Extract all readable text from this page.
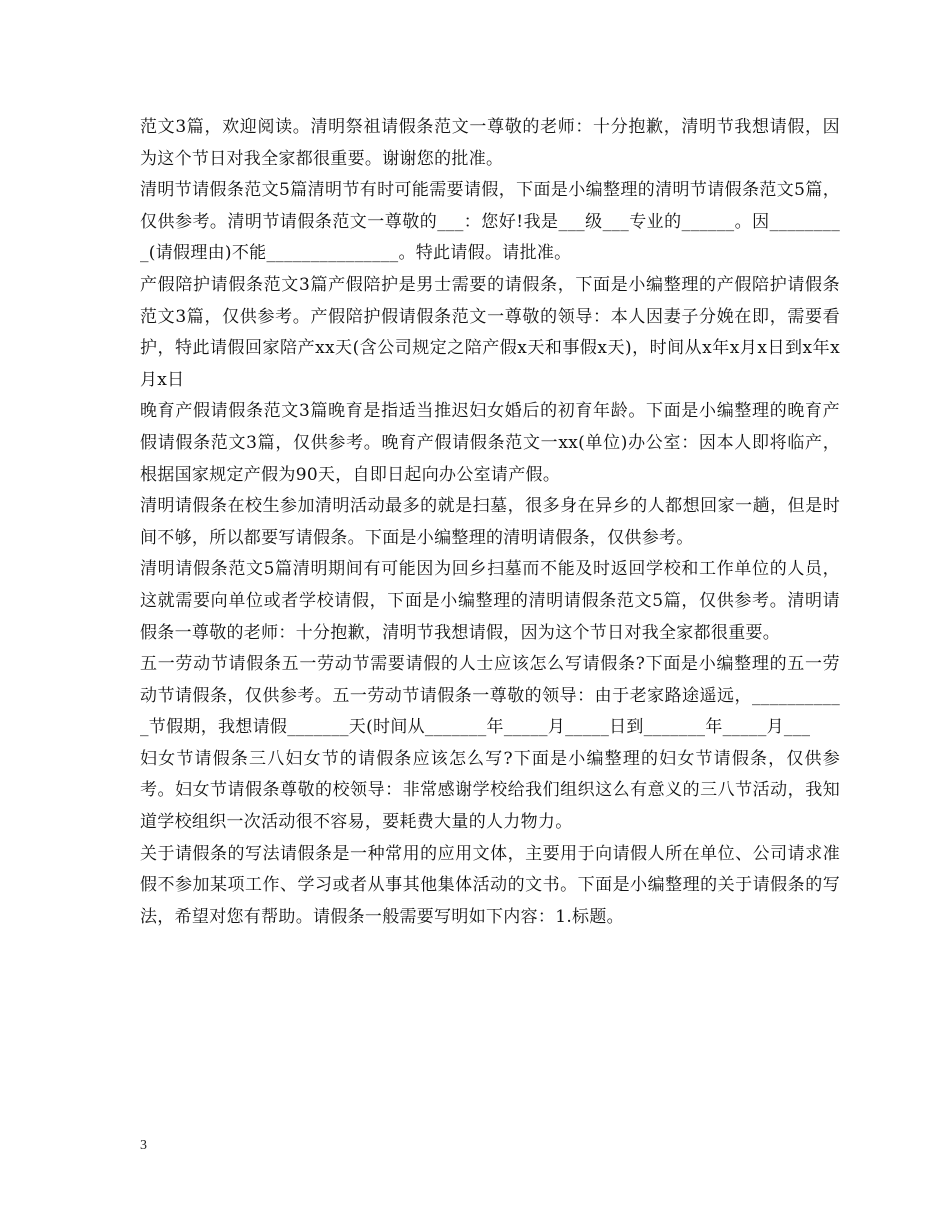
范文3篇，欢迎阅读。清明祭祖请假条范文一尊敬的老师：十分抱歉，清明节我想请假，因为这个节日对我全家都很重要。谢谢您的批准。

清明节请假条范文5篇清明节有时可能需要请假，下面是小编整理的清明节请假条范文5篇，仅供参考。清明节请假条范文一尊敬的___：您好!我是___级___专业的______。因_________(请假理由)不能_______________。特此请假。请批准。

产假陪护请假条范文3篇产假陪护是男士需要的请假条，下面是小编整理的产假陪护请假条范文3篇，仅供参考。产假陪护假请假条范文一尊敬的领导：本人因妻子分娩在即，需要看护，特此请假回家陪产xx天(含公司规定之陪产假x天和事假x天)，时间从x年x月x日到x年x月x日

晚育产假请假条范文3篇晚育是指适当推迟妇女婚后的初育年龄。下面是小编整理的晚育产假请假条范文3篇，仅供参考。晚育产假请假条范文一xx(单位)办公室：因本人即将临产，根据国家规定产假为90天，自即日起向办公室请产假。

清明请假条在校生参加清明活动最多的就是扫墓，很多身在异乡的人都想回家一趟，但是时间不够，所以都要写请假条。下面是小编整理的清明请假条，仅供参考。

清明请假条范文5篇清明期间有可能因为回乡扫墓而不能及时返回学校和工作单位的人员，这就需要向单位或者学校请假，下面是小编整理的清明请假条范文5篇，仅供参考。清明请假条一尊敬的老师：十分抱歉，清明节我想请假，因为这个节日对我全家都很重要。

五一劳动节请假条五一劳动节需要请假的人士应该怎么写请假条?下面是小编整理的五一劳动节请假条，仅供参考。五一劳动节请假条一尊敬的领导：由于老家路途遥远，___________节假期，我想请假_______天(时间从_______年_____月_____日到_______年_____月___

妇女节请假条三八妇女节的请假条应该怎么写?下面是小编整理的妇女节请假条，仅供参考。妇女节请假条尊敬的校领导：非常感谢学校给我们组织这么有意义的三八节活动，我知道学校组织一次活动很不容易，要耗费大量的人力物力。

关于请假条的写法请假条是一种常用的应用文体，主要用于向请假人所在单位、公司请求准假不参加某项工作、学习或者从事其他集体活动的文书。下面是小编整理的关于请假条的写法，希望对您有帮助。请假条一般需要写明如下内容：1.标题。

3
